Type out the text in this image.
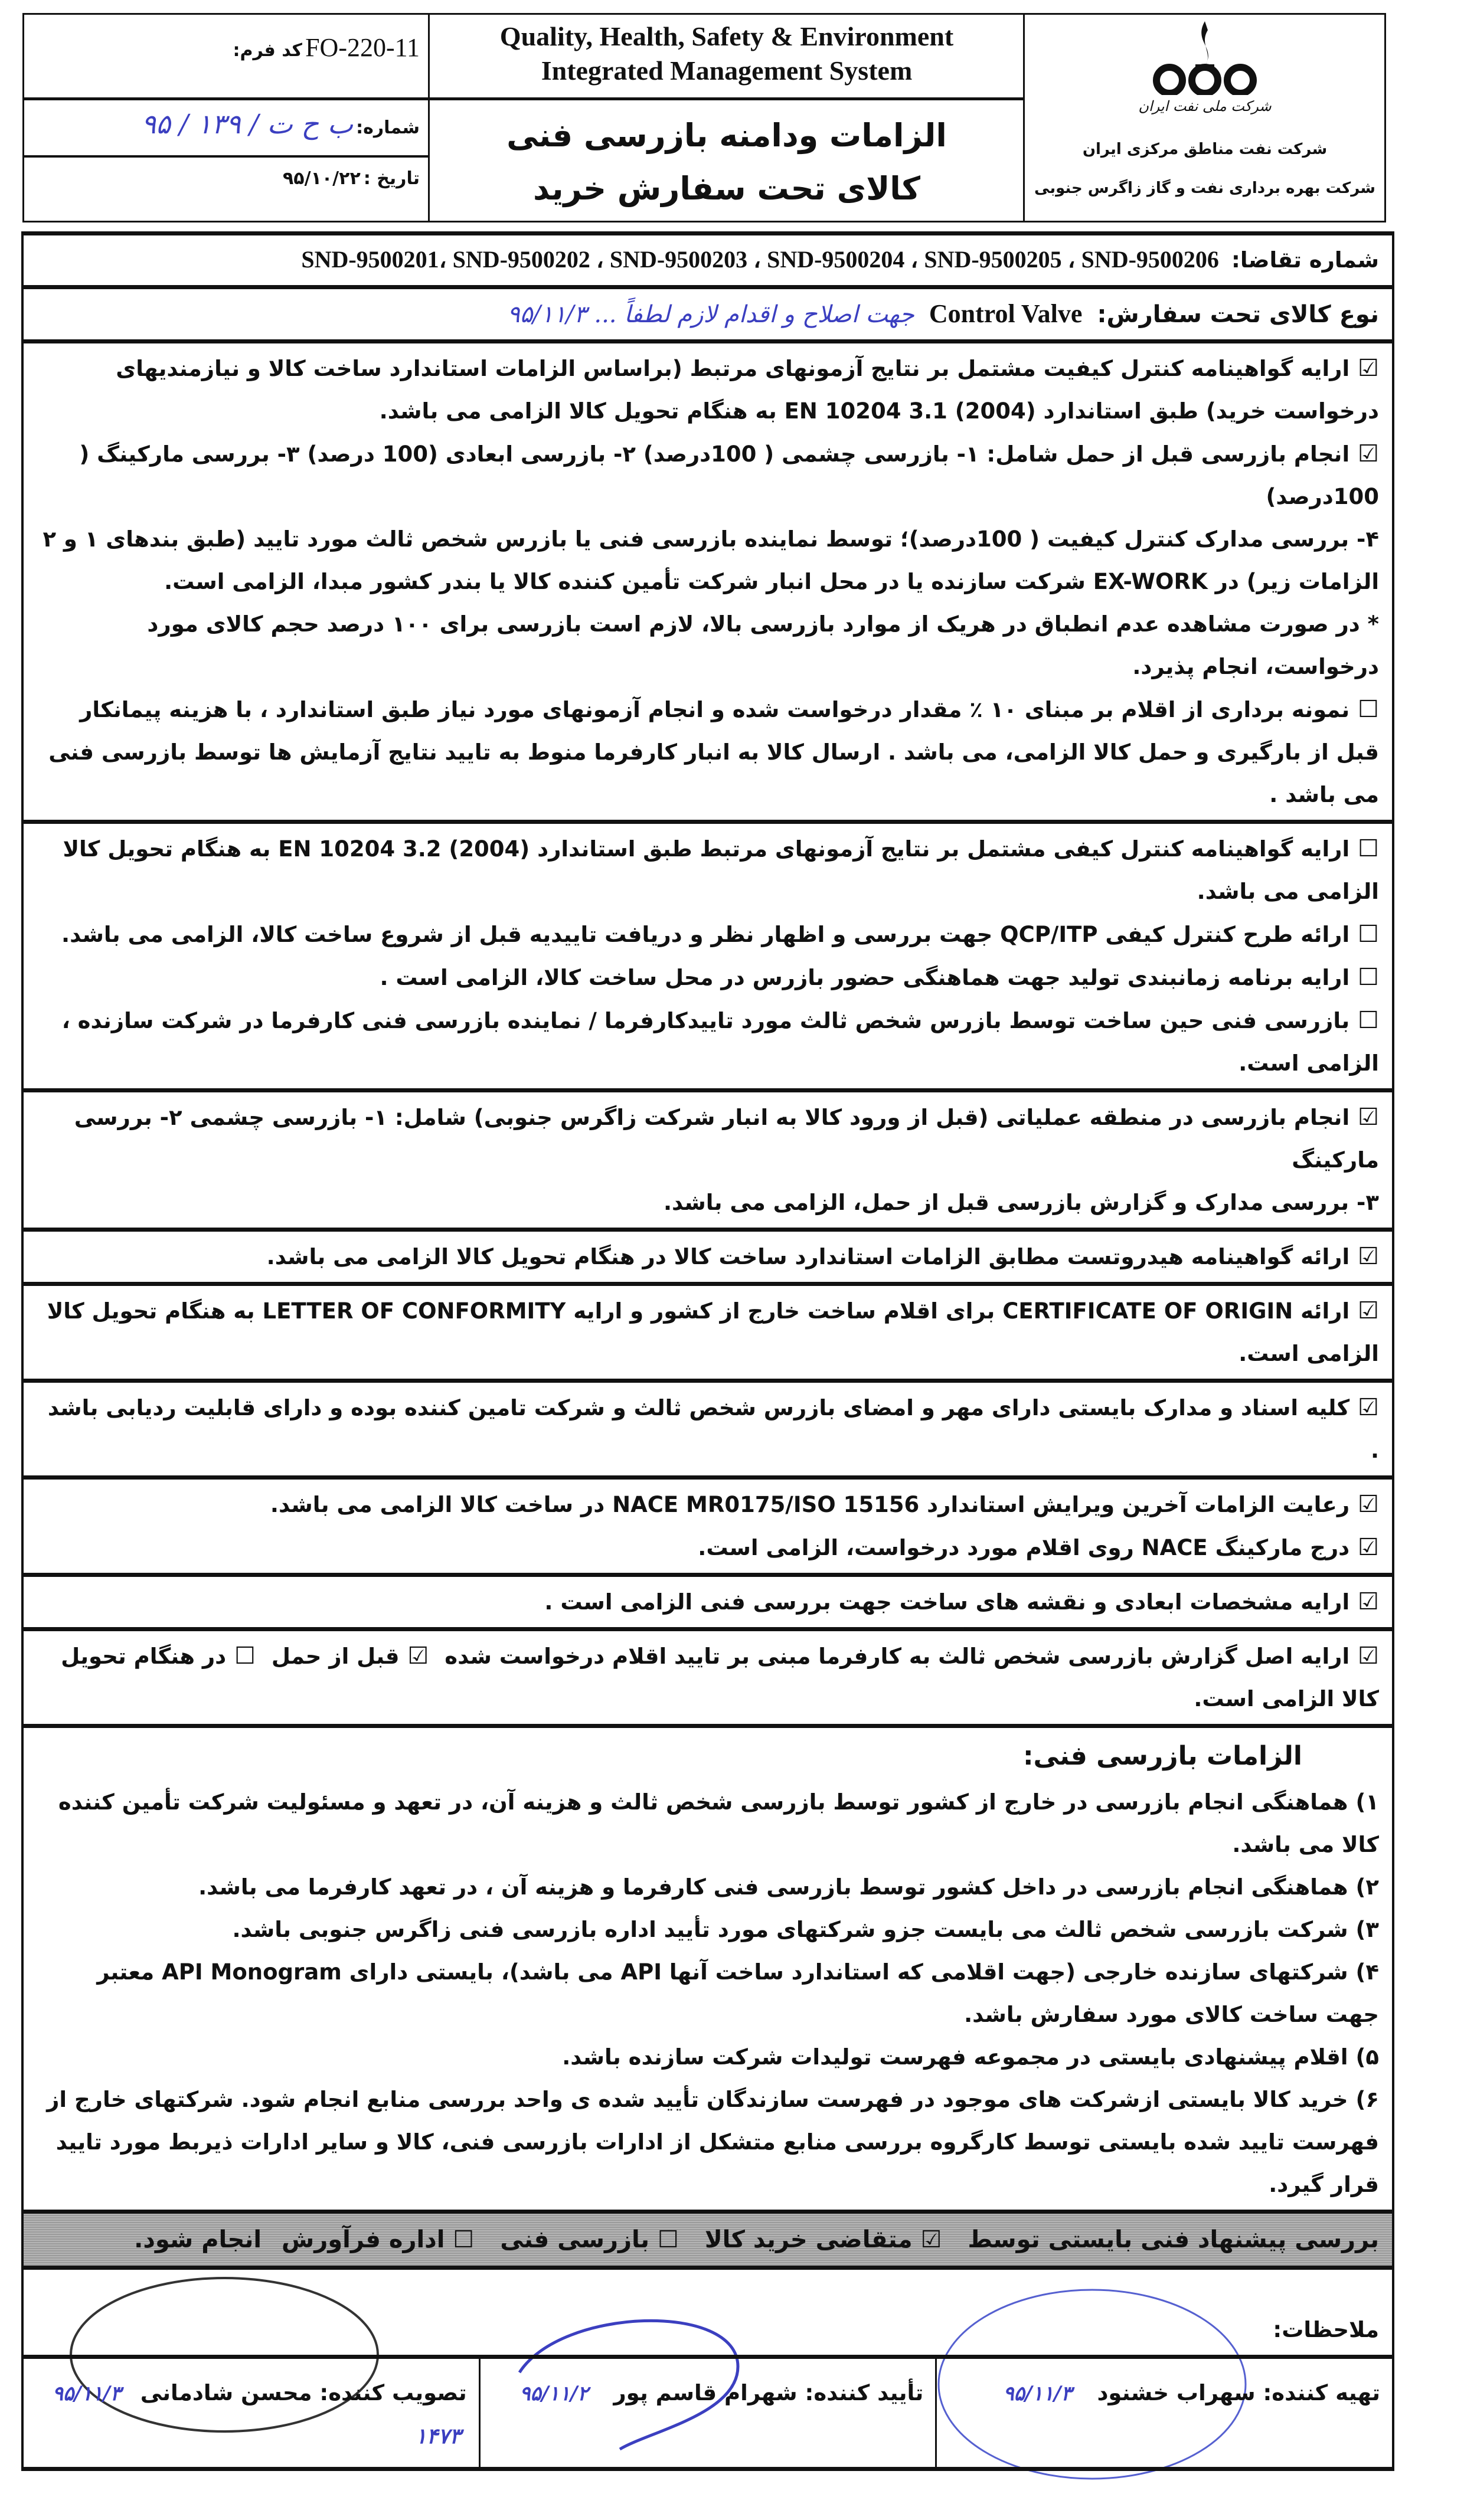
FO-220-11 کد فرم:	Quality, Health, Safety & Environment
Integrated Management System
شماره: ب ح ت / ۱۳۹ / ۹۵
تاریخ : ۹۵/۱۰/۲۲
الزامات ودامنه بازرسی فنی
کالای تحت سفارش خرید
شرکت ملی نفت ایران
شرکت نفت مناطق مرکزی ایران
شرکت بهره برداری نفت و گاز زاگرس جنوبی
شماره تقاضا: SND-9500201، SND-9500202 ، SND-9500203 ، SND-9500204 ، SND-9500205 ، SND-9500206
نوع کالای تحت سفارش: Control Valve جهت اصلاح و اقدام لازم لطفاً ... ۹۵/۱۱/۳
☑ارایه گواهینامه کنترل کیفیت مشتمل بر نتایج آزمونهای مرتبط (براساس الزامات استاندارد ساخت کالا و نیازمندیهای درخواست خرید) طبق استاندارد (2004) EN 10204 3.1 به هنگام تحویل کالا الزامی می باشد.
☑انجام بازرسی قبل از حمل شامل: ۱- بازرسی چشمی ( 100درصد) ۲- بازرسی ابعادی (100 درصد) ۳- بررسی مارکینگ ( 100درصد)
۴- بررسی مدارک کنترل کیفیت ( 100درصد)؛ توسط نماینده بازرسی فنی یا بازرس شخص ثالث مورد تایید (طبق بندهای ۱ و ۲ الزامات زیر) در EX-WORK شرکت سازنده یا در محل انبار شرکت تأمین کننده کالا یا بندر کشور مبدا، الزامی است.
* در صورت مشاهده عدم انطباق در هریک از موارد بازرسی بالا، لازم است بازرسی برای ۱۰۰ درصد حجم کالای مورد درخواست، انجام پذیرد.
☐نمونه برداری از اقلام بر مبنای ۱۰ ٪ مقدار درخواست شده و انجام آزمونهای مورد نیاز طبق استاندارد ، با هزینه پیمانکار قبل از بارگیری و حمل کالا الزامی، می باشد . ارسال کالا به انبار کارفرما منوط به تایید نتایج آزمایش ها توسط بازرسی فنی می باشد .
☐ارایه گواهینامه کنترل کیفی مشتمل بر نتایج آزمونهای مرتبط طبق استاندارد (2004) EN 10204 3.2 به هنگام تحویل کالا الزامی می باشد.
☐ارائه طرح کنترل کیفی QCP/ITP جهت بررسی و اظهار نظر و دریافت تاییدیه قبل از شروع ساخت کالا، الزامی می باشد.
☐ارایه برنامه زمانبندی تولید جهت هماهنگی حضور بازرس در محل ساخت کالا، الزامی است .
☐بازرسی فنی حین ساخت توسط بازرس شخص ثالث مورد تاییدکارفرما / نماینده بازرسی فنی کارفرما در شرکت سازنده ، الزامی است.
☑انجام بازرسی در منطقه عملیاتی (قبل از ورود کالا به انبار شرکت زاگرس جنوبی) شامل: ۱- بازرسی چشمی ۲- بررسی مارکینگ
۳- بررسی مدارک و گزارش بازرسی قبل از حمل، الزامی می باشد.
☑ارائه گواهینامه هیدروتست مطابق الزامات استاندارد ساخت کالا در هنگام تحویل کالا الزامی می باشد.
☑ارائه CERTIFICATE OF ORIGIN برای اقلام ساخت خارج از کشور و ارایه LETTER OF CONFORMITY به هنگام تحویل کالا الزامی است.
☑کلیه اسناد و مدارک بایستی دارای مهر و امضای بازرس شخص ثالث و شرکت تامین کننده بوده و دارای قابلیت ردیابی باشد .
☑رعایت الزامات آخرین ویرایش استاندارد NACE MR0175/ISO 15156 در ساخت کالا الزامی می باشد.
☑درج مارکینگ NACE روی اقلام مورد درخواست، الزامی است.
☑ارایه مشخصات ابعادی و نقشه های ساخت جهت بررسی فنی الزامی است .
☑ارایه اصل گزارش بازرسی شخص ثالث به کارفرما مبنی بر تایید اقلام درخواست شده ☑قبل از حمل ☐در هنگام تحویل کالا الزامی است.
الزامات بازرسی فنی:
۱) هماهنگی انجام بازرسی در خارج از کشور توسط بازرسی شخص ثالث و هزینه آن، در تعهد و مسئولیت شرکت تأمین کننده کالا می باشد.
۲) هماهنگی انجام بازرسی در داخل کشور توسط بازرسی فنی کارفرما و هزینه آن ، در تعهد کارفرما می باشد.
۳) شرکت بازرسی شخص ثالث می بایست جزو شرکتهای مورد تأیید اداره بازرسی فنی زاگرس جنوبی باشد.
۴) شرکتهای سازنده خارجی (جهت اقلامی که استاندارد ساخت آنها API می باشد)، بایستی دارای API Monogram معتبر جهت ساخت کالای مورد سفارش باشد.
۵) اقلام پیشنهادی بایستی در مجموعه فهرست تولیدات شرکت سازنده باشد.
۶) خرید کالا بایستی ازشرکت های موجود در فهرست سازندگان تأیید شده ی واحد بررسی منابع انجام شود. شرکتهای خارج از فهرست تایید شده بایستی توسط کارگروه بررسی منابع متشکل از ادارات بازرسی فنی، کالا و سایر ادارات ذیربط مورد تایید قرار گیرد.
بررسی پیشنهاد فنی بایستی توسط ☑متقاضی خرید کالا ☐بازرسی فنی ☐اداره فرآورش انجام شود.
ملاحظات:
تهیه کننده: سهراب خشنود ۹۵/۱۱/۳
تأیید کننده: شهرام قاسم پور ۹۵/۱۱/۲
تصویب کننده: محسن شادمانی ۹۵/۱۱/۳ ۱۴۷۳
